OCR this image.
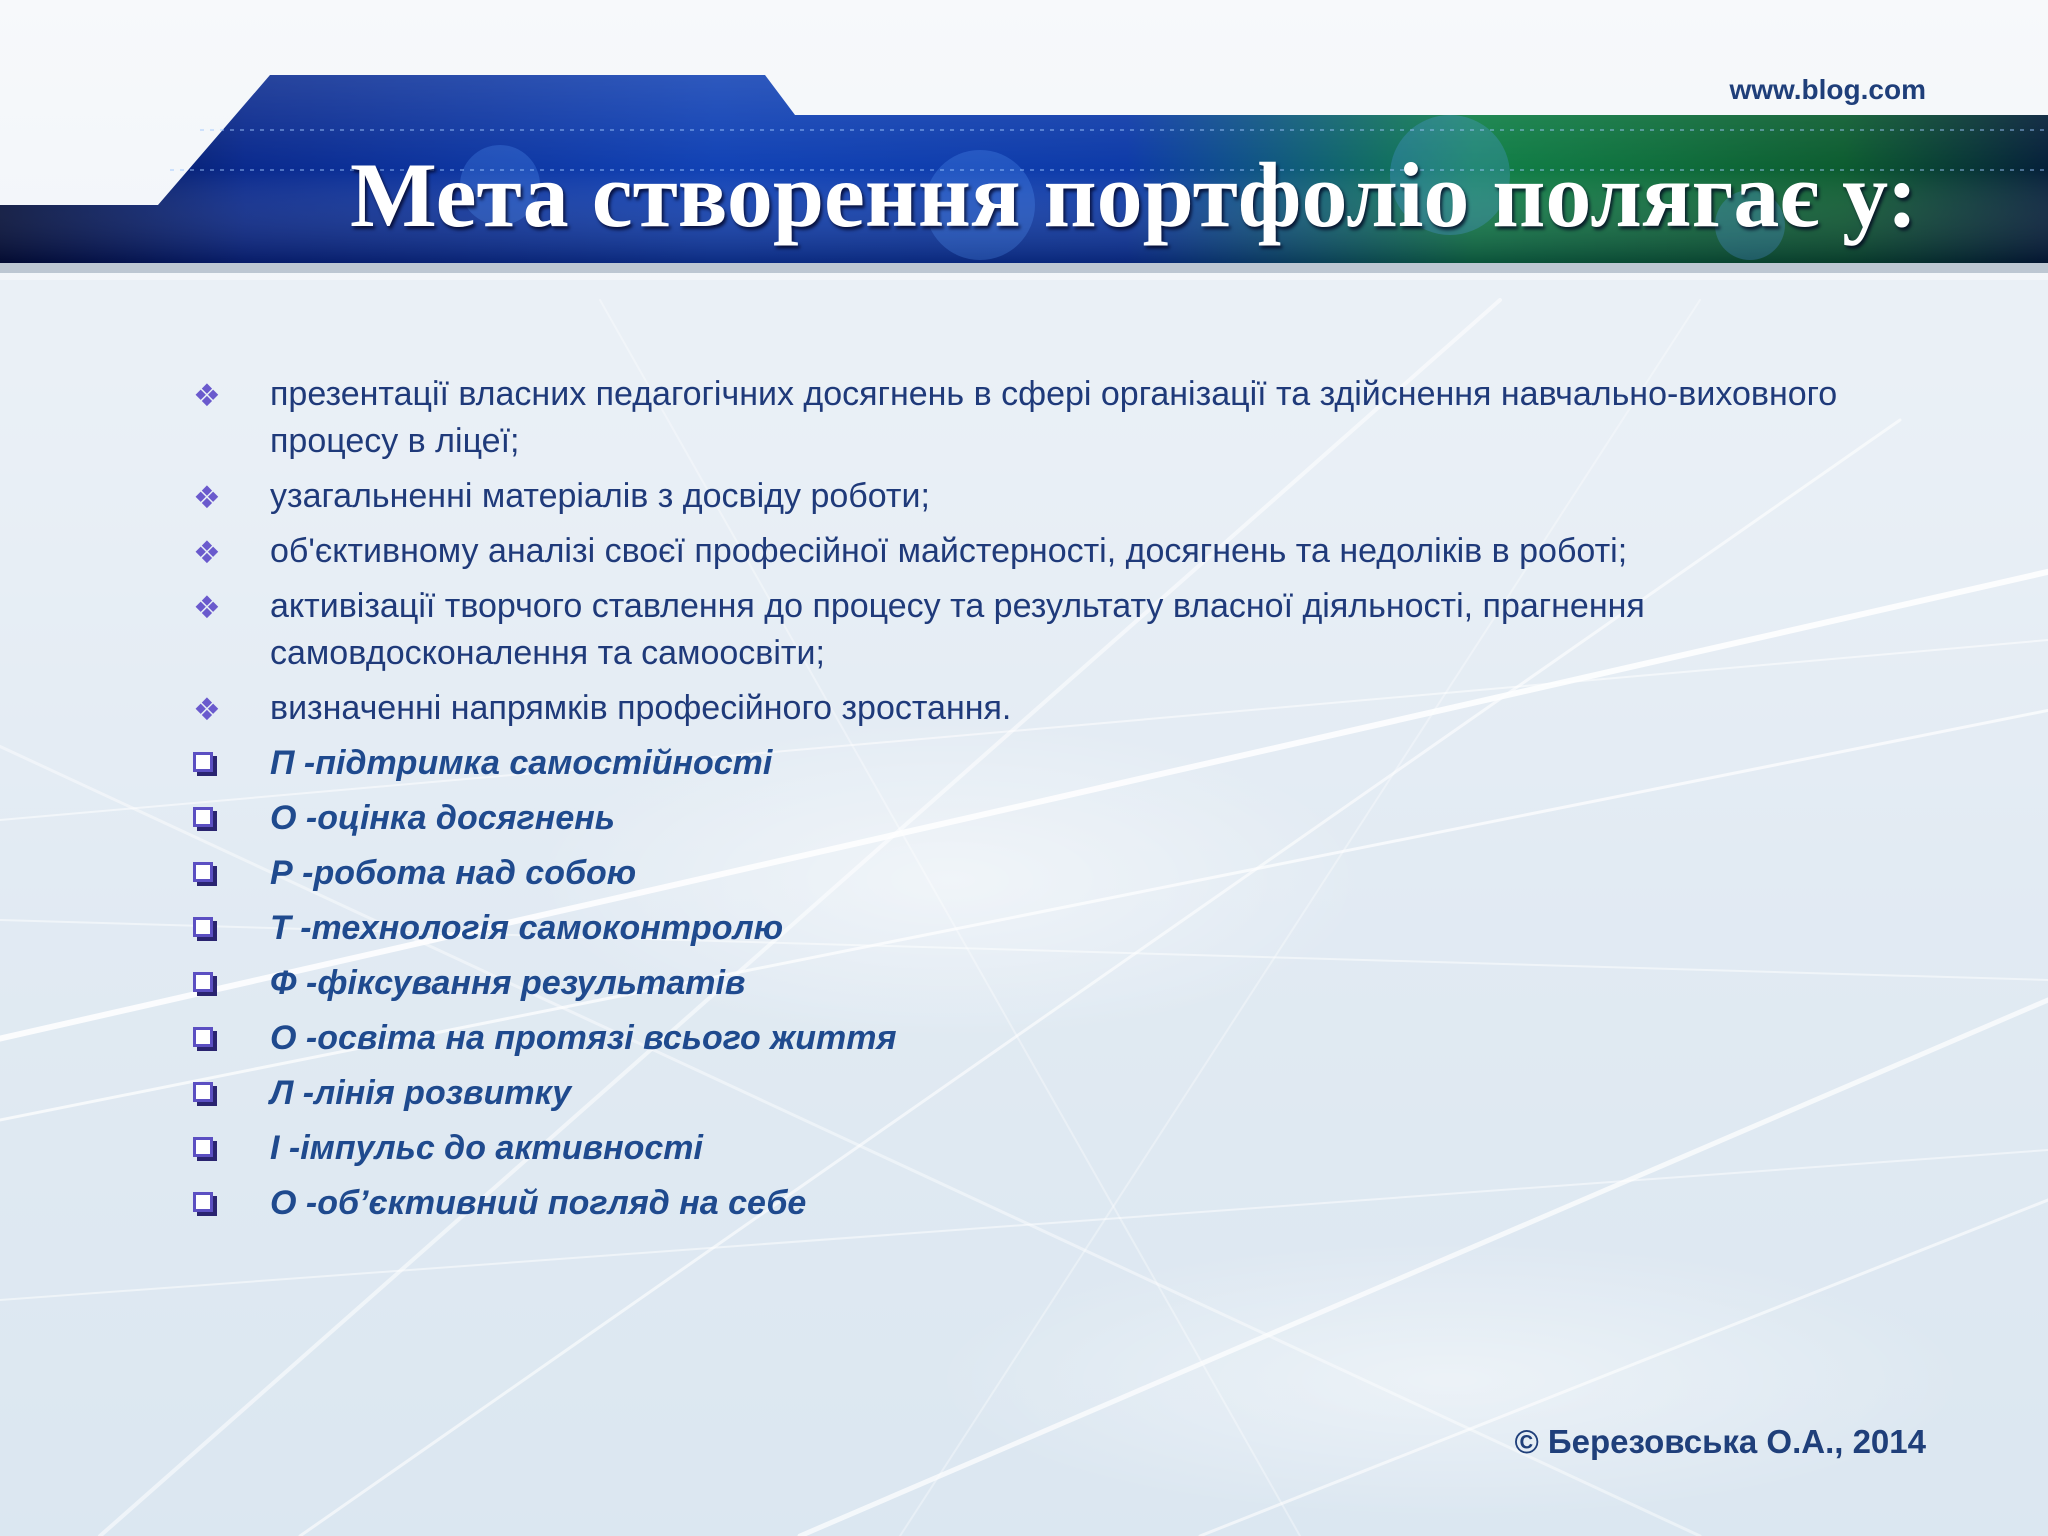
www.blog.com
Мета створення портфоліо полягає у:
❖ презентації власних педагогічних досягнень в сфері організації та здійснення навчально-виховного процесу в ліцеї;
❖ узагальненні матеріалів з досвіду роботи;
❖ об'єктивному аналізі своєї професійної майстерності, досягнень та недоліків в роботі;
❖ активізації творчого ставлення до процесу та результату власної діяльності, прагнення самовдосконалення та самоосвіти;
❖ визначенні напрямків професійного зростання.
П -підтримка самостійності
О -оцінка досягнень
Р -робота над собою
Т -технологія самоконтролю
Ф -фіксування результатів
О -освіта на протязі всього життя
Л -лінія розвитку
І -імпульс до активності
О -об’єктивний погляд на себе
© Березовська О.А., 2014
